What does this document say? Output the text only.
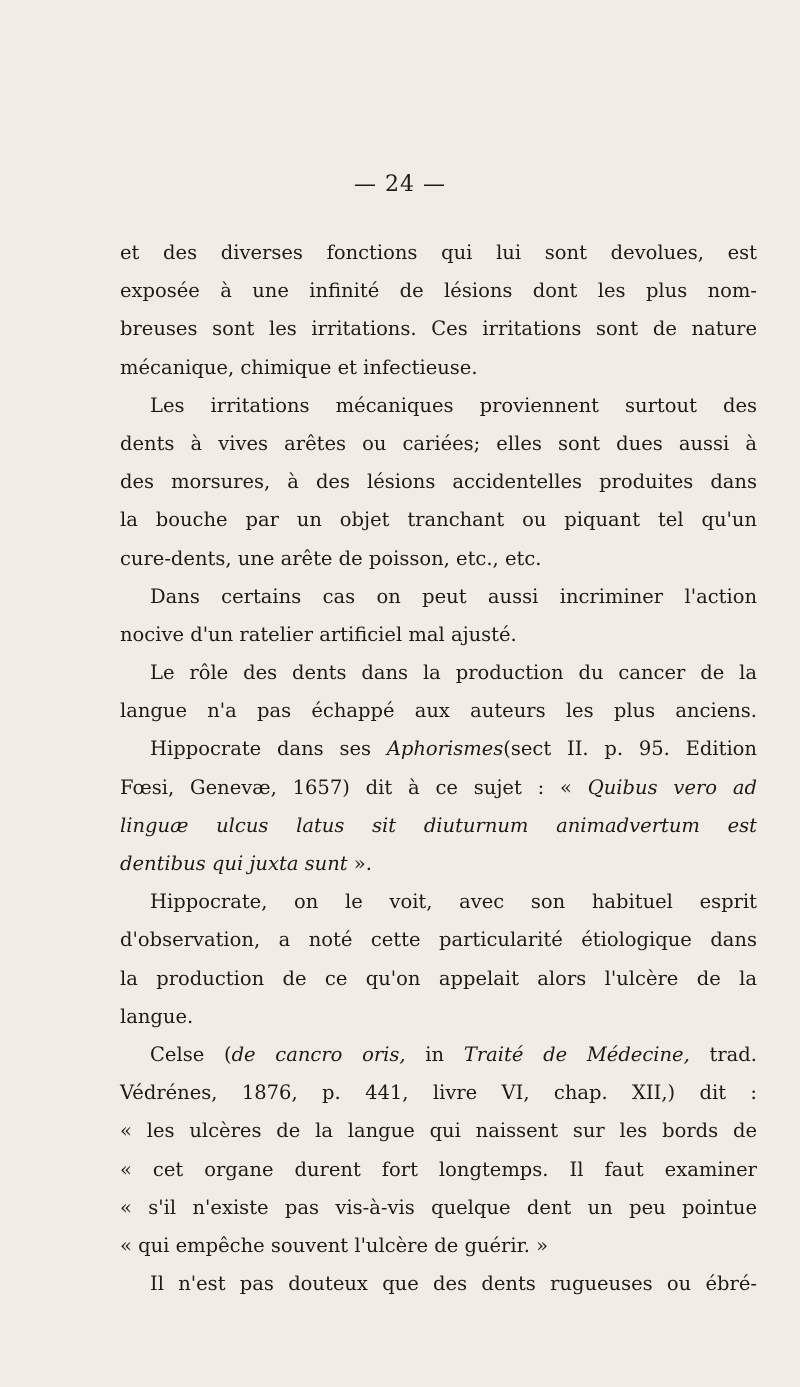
— 24 —
et des diverses fonctions qui lui sont devolues, est
exposée à une infinité de lésions dont les plus nom-
breuses sont les irritations. Ces irritations sont de nature
mécanique, chimique et infectieuse.
Les irritations mécaniques proviennent surtout des
dents à vives arêtes ou cariées; elles sont dues aussi à
des morsures, à des lésions accidentelles produites dans
la bouche par un objet tranchant ou piquant tel qu'un
cure-dents, une arête de poisson, etc., etc.
Dans certains cas on peut aussi incriminer l'action
nocive d'un ratelier artificiel mal ajusté.
Le rôle des dents dans la production du cancer de la
langue n'a pas échappé aux auteurs les plus anciens.
Hippocrate dans ses Aphorismes(sect II. p. 95. Edition
Fœsi, Genevæ, 1657) dit à ce sujet : « Quibus vero ad
linguæ ulcus latus sit diuturnum animadvertum est
dentibus qui juxta sunt ».
Hippocrate, on le voit, avec son habituel esprit
d'observation, a noté cette particularité étiologique dans
la production de ce qu'on appelait alors l'ulcère de la
langue.
Celse (de cancro oris, in Traité de Médecine, trad.
Védrénes, 1876, p. 441, livre VI, chap. XII,) dit :
« les ulcères de la langue qui naissent sur les bords de
« cet organe durent fort longtemps. Il faut examiner
« s'il n'existe pas vis-à-vis quelque dent un peu pointue
« qui empêche souvent l'ulcère de guérir. »
Il n'est pas douteux que des dents rugueuses ou ébré-
